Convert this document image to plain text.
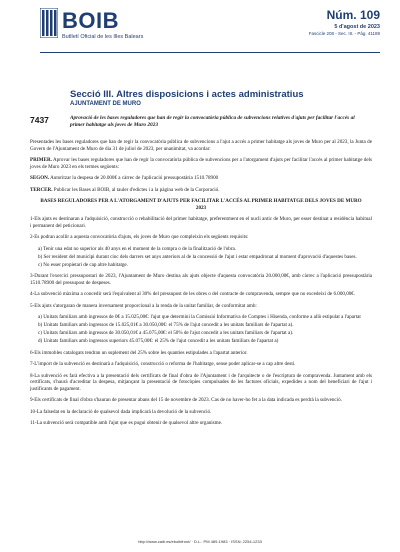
BOIB
Butlletí Oficial de les Illes Balears
Núm. 109
5 d'agost de 2023
Fascicle 208 - Sec. III. - Pàg. 41189
Secció III. Altres disposicions i actes administratius
AJUNTAMENT DE MURO
7437	Aprovació de les bases reguladores que han de regir la convocatòria pública de subvencions relatives d'ajuts per facilitar l'accés al primer habitatge als joves de Muro 2023

Presentades les bases reguladores que han de regir la convocatòria pública de subvencions a l'ajut a accés a primer habitatge als joves de Muro per al 2023, la Junta de Govern de l'Ajuntament de Muro de dia 31 de juliol de 2023, per unanimitat, va acordar:

PRIMER. Aprovar les bases reguladores que han de regir la convocatòria pública de subvencions per a l'atorgament d'ajuts per facilitar l'accés al primer habitatge dels joves de Muro 2023 en els termes següents:

SEGON. Autoritzar la despesa de 20.000€ a càrrec de l'aplicació pressupostària 1510.78900

TERCER. Publicar les Bases al BOIB, al tauler d'edictes i a la pàgina web de la Corporació.

BASES REGULADORES PER A L'ATORGAMENT D'AJUTS PER FACILITAR L'ACCÉS AL PRIMER HABITATGE DELS JOVES DE MURO 2023

1-Els ajuts es destinaran a l'adquisició, construcció o rehabilitació del primer habitatge, preferentment en el nucli antic de Muro, per esser destinat a residència habitual i permanent del peticionari.

2-Es podran acollir a aquesta convocatòria d'ajuts, els joves de Muro que compleixin els següents requisits:

a) Tenir una edat no superior als 40 anys en el moment de la compra o de la finalització de l'obra.

b) Ser resident del municipi durant cinc dels darrers set anys anteriors al de la concessió de l'ajut i estar empadronat al moment d'aprovació d'aquestes bases.

c) No esser propietari de cap altre habitatge.

3-Durant l'exercici pressupostari de 2023, l'Ajuntament de Muro destina als ajuts objecte d'aquesta convocatòria 20.000,00€, amb càrrec a l'aplicació pressupostària 1510.78900 del pressupost de despeses.

4-La subvenció màxima a concedir serà l'equivalent al 30% del pressupost de les obres o del contracte de compravenda, sempre que no excedeixi de 6.000,00€.

5-Els ajuts s'atorgaran de manera inversament proporcional a la renda de la unitat familiar, de conformitat amb:

a) Unitats familiars amb ingressos de 0€ a 15.025,00€: l'ajut que determini la Comissió Informativa de Comptes i Hisenda, conforme a allò estipulat a l'apartat

b) Unitats familiars amb ingressos de 15.025,01€ a 30.050,00€: el 75% de l'ajut concedit a les unitats familiars de l'apartat a).

c) Unitats familiars amb ingressos de 30.050,01€ a 45.075,00€: el 50% de l'ajut concedit a les unitats familiars de l'apartat a).

d) Unitats familiars amb ingressos superiors 45.075,00€: el 25% de l'ajut concedit a les unitats familiars de l'apartat a)

6-Els immobles catalogats tendran un suplement del 25% sobre les quanties estipulades a l'apartat anterior.

7-L'import de la subvenció es destinarà a l'adquisició, construcció o reforma de l'habitatge, sense poder aplicar-se a cap altre destí.

8-La subvenció es farà efectiva a la presentació dels certificats de final d'obra de l'Ajuntament i de l'arquitecte o de l'escriptura de compravenda. Juntament amb els certificats, s'haurà d'acreditar la despesa, mitjançant la presentació de fotocòpies compulsades de les factures oficials, expedides a nom del beneficiari de l'ajut i justificants de pagament.

9-Els certificats de final d'obra s'hauran de presentar abans del 15 de novembre de 2023. Cas de no haver-ho fet a la data indicada es perdrà la subvenció.

10-La falsedat en la declaració de qualsevol dada implicarà la devolució de la subvenció.

11-La subvenció serà compatible amb l'ajut que es pugui obtenir de qualsevol altre organisme.

http://www.caib.es/eboibfront/ · D.L.: PM 489-1983 · ISSN: 2254-1233
